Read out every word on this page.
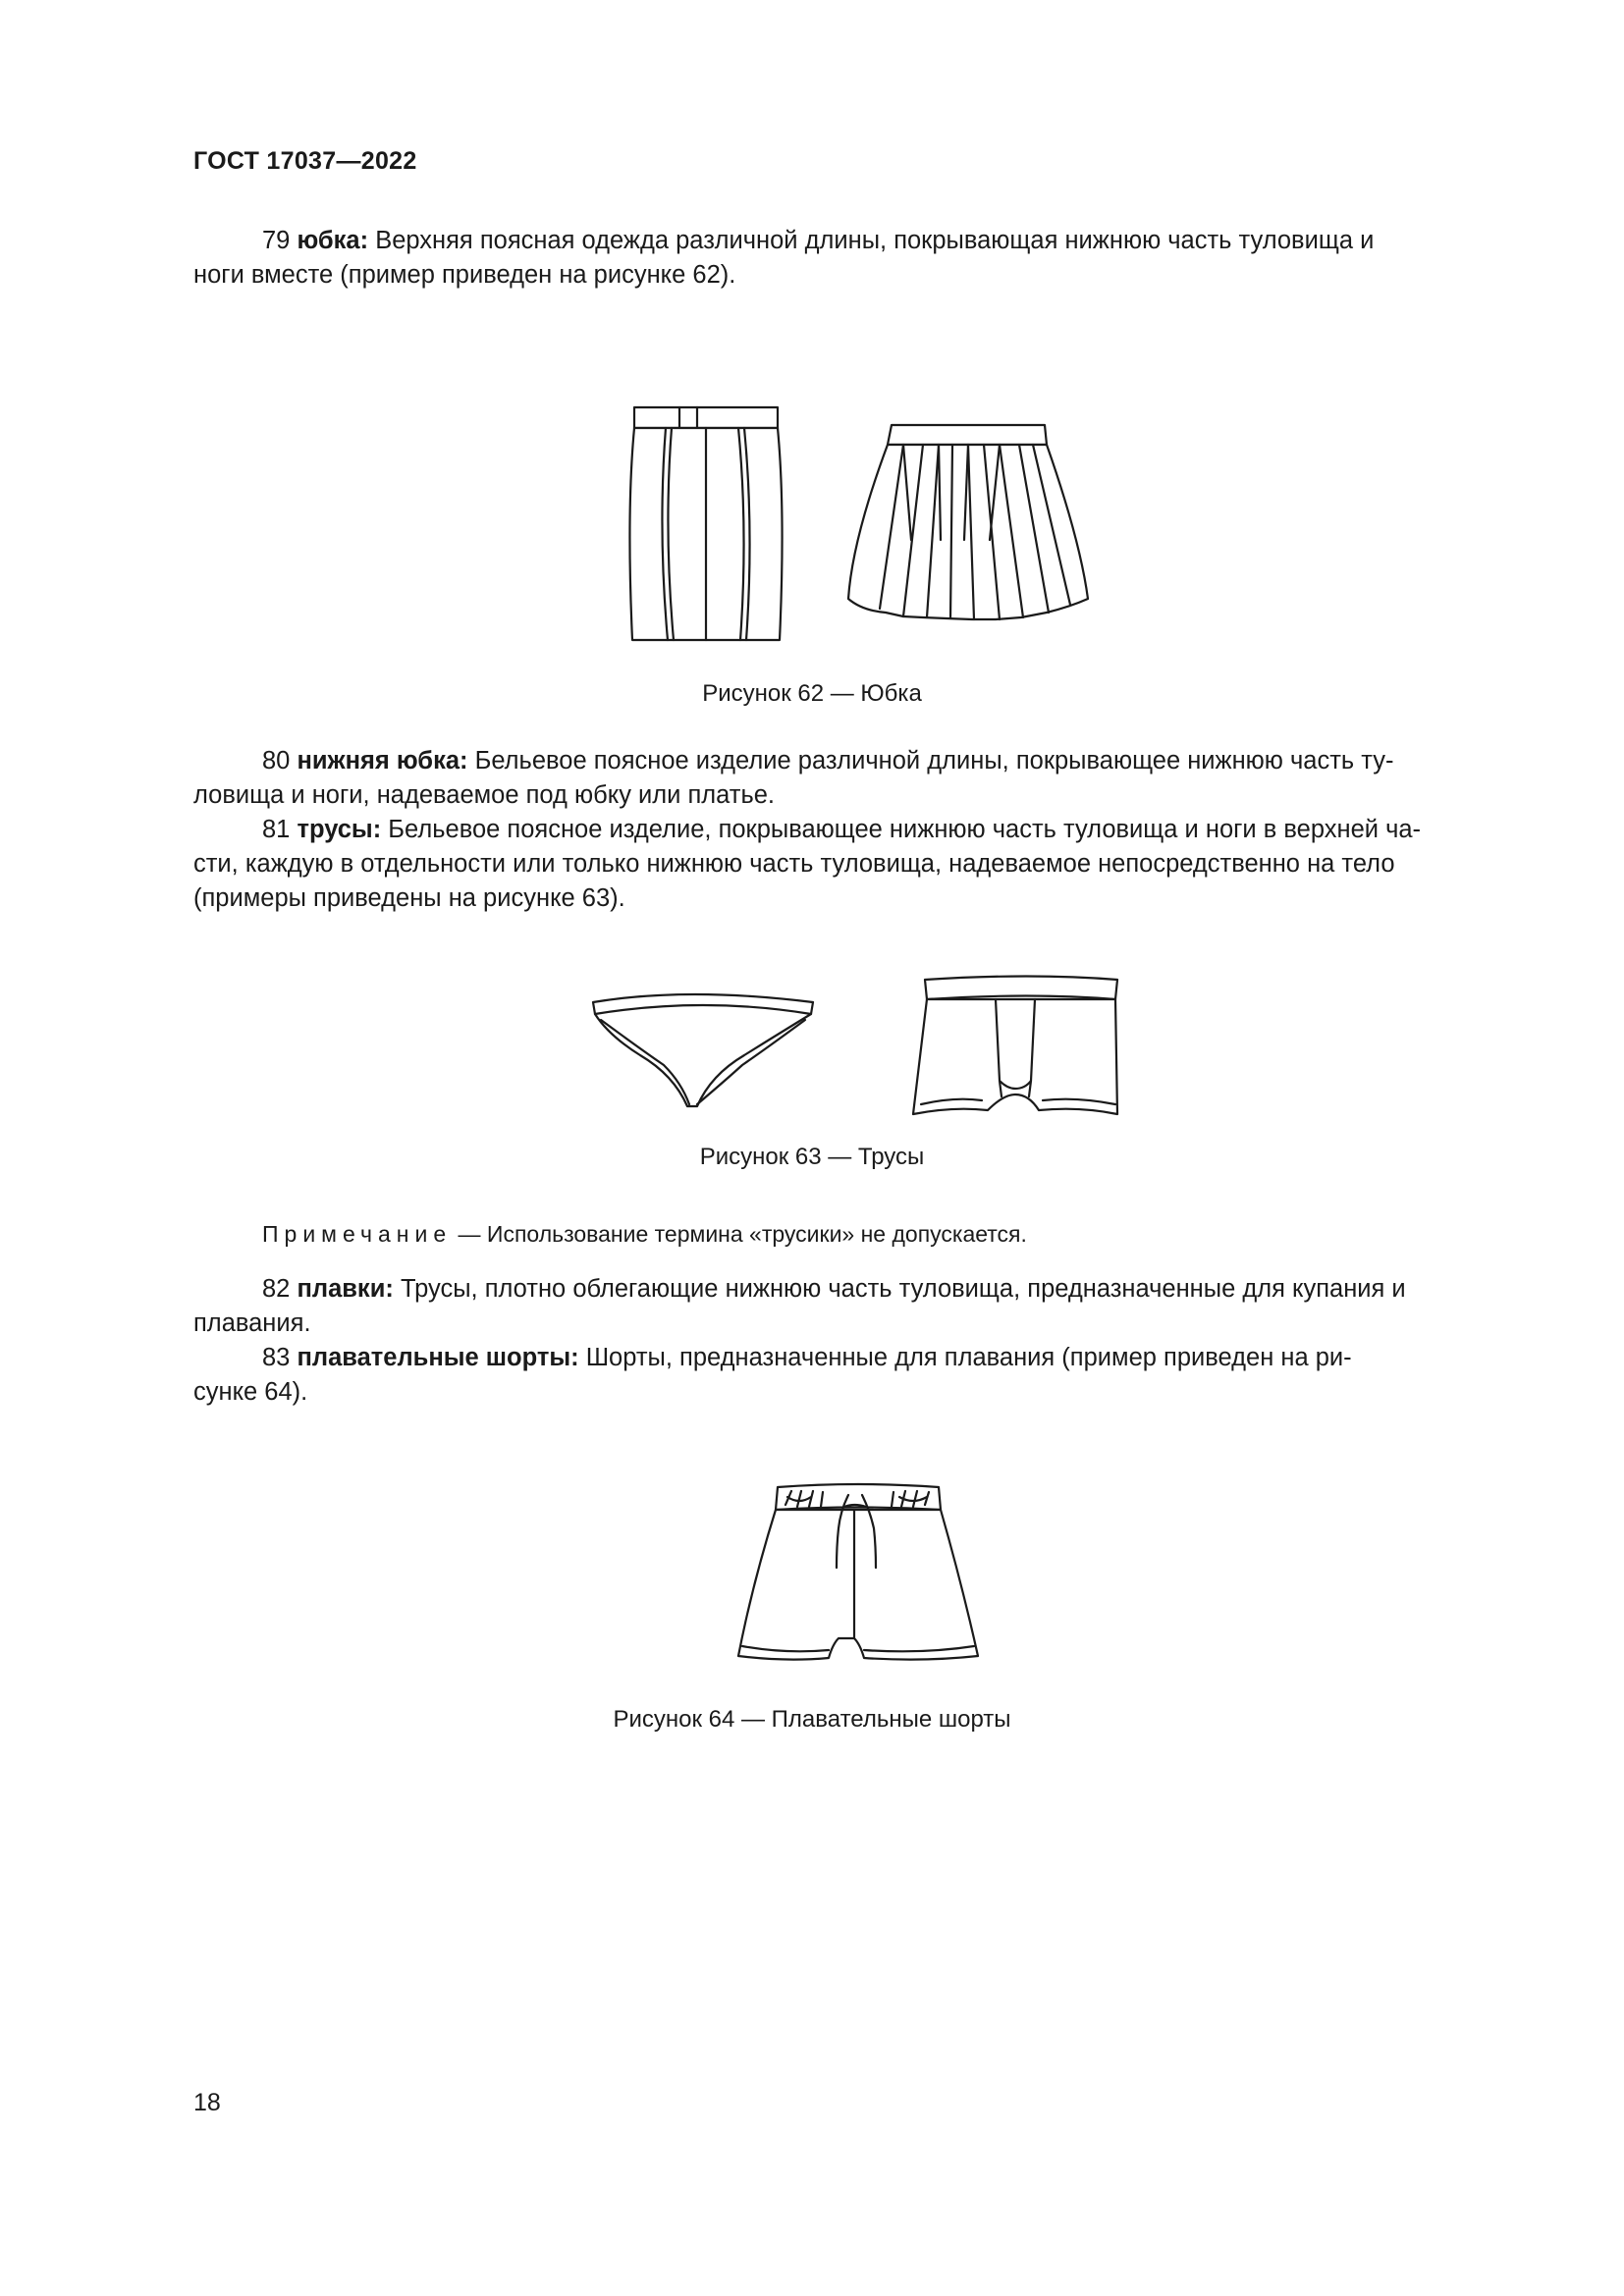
ГОСТ 17037—2022
79 юбка: Верхняя поясная одежда различной длины, покрывающая нижнюю часть туловища и
ноги вместе (пример приведен на рисунке 62).
Рисунок 62 — Юбка
80 нижняя юбка: Бельевое поясное изделие различной длины, покрывающее нижнюю часть ту-
ловища и ноги, надеваемое под юбку или платье.
81 трусы: Бельевое поясное изделие, покрывающее нижнюю часть туловища и ноги в верхней ча-
сти, каждую в отдельности или только нижнюю часть туловища, надеваемое непосредственно на тело
(примеры приведены на рисунке 63).
Рисунок 63 — Трусы
Примечание — Использование термина «трусики» не допускается.
82 плавки: Трусы, плотно облегающие нижнюю часть туловища, предназначенные для купания и
плавания.
83 плавательные шорты: Шорты, предназначенные для плавания (пример приведен на ри-
сунке 64).
Рисунок 64 — Плавательные шорты
18
